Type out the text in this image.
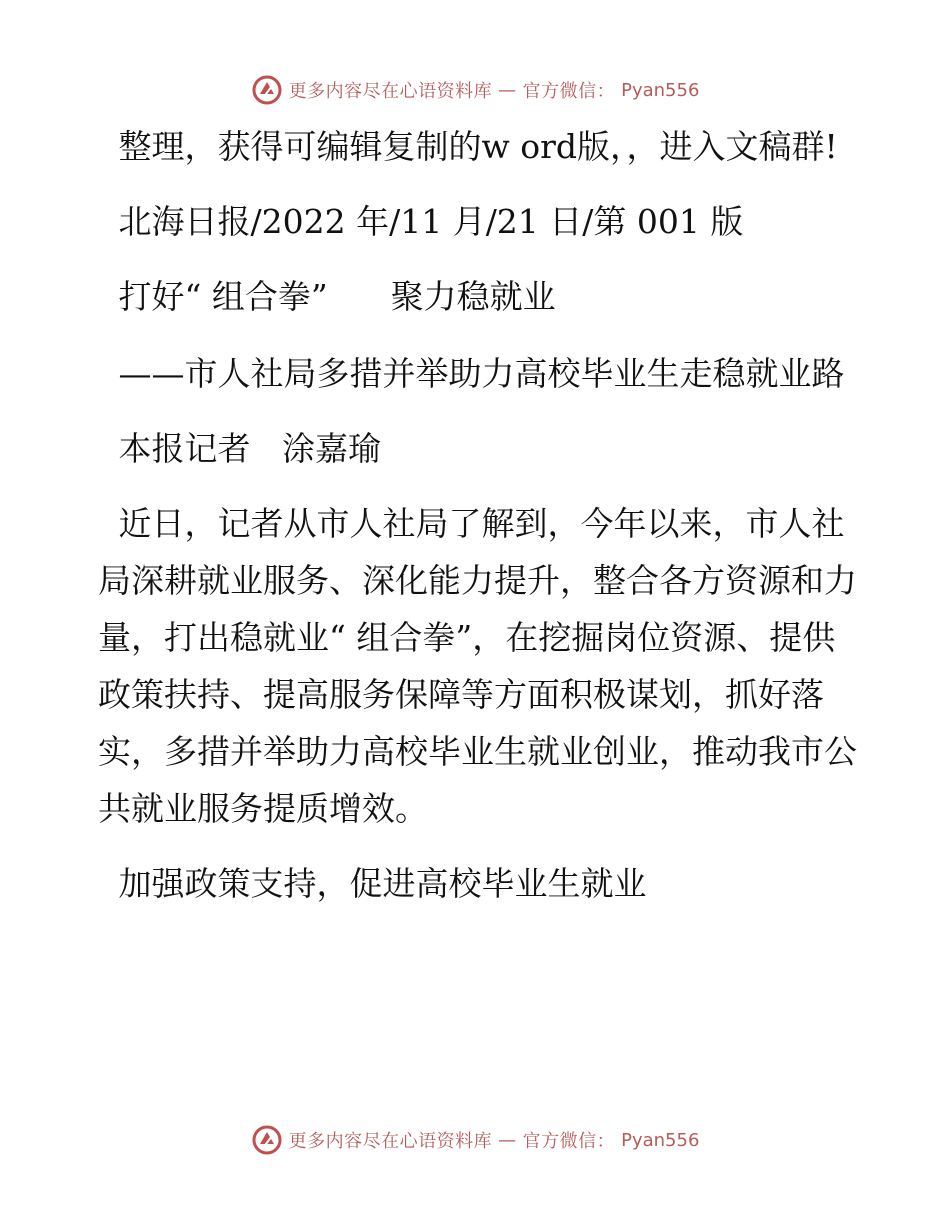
更多内容尽在心语资料库 — 官方微信： Pyan556

整理，获得可编辑复制的w ord版，，进入文稿群!

北海日报/2022 年/11 月/21 日/第 001 版

打好“ 组合拳”      聚力稳就业

——市人社局多措并举助力高校毕业生走稳就业路

本报记者   涂嘉瑜

近日，记者从市人社局了解到，今年以来，市人社局深耕就业服务、深化能力提升，整合各方资源和力量，打出稳就业“ 组合拳”，在挖掘岗位资源、提供政策扶持、提高服务保障等方面积极谋划，抓好落实，多措并举助力高校毕业生就业创业，推动我市公共就业服务提质增效。

加强政策支持，促进高校毕业生就业

更多内容尽在心语资料库 — 官方微信： Pyan556
